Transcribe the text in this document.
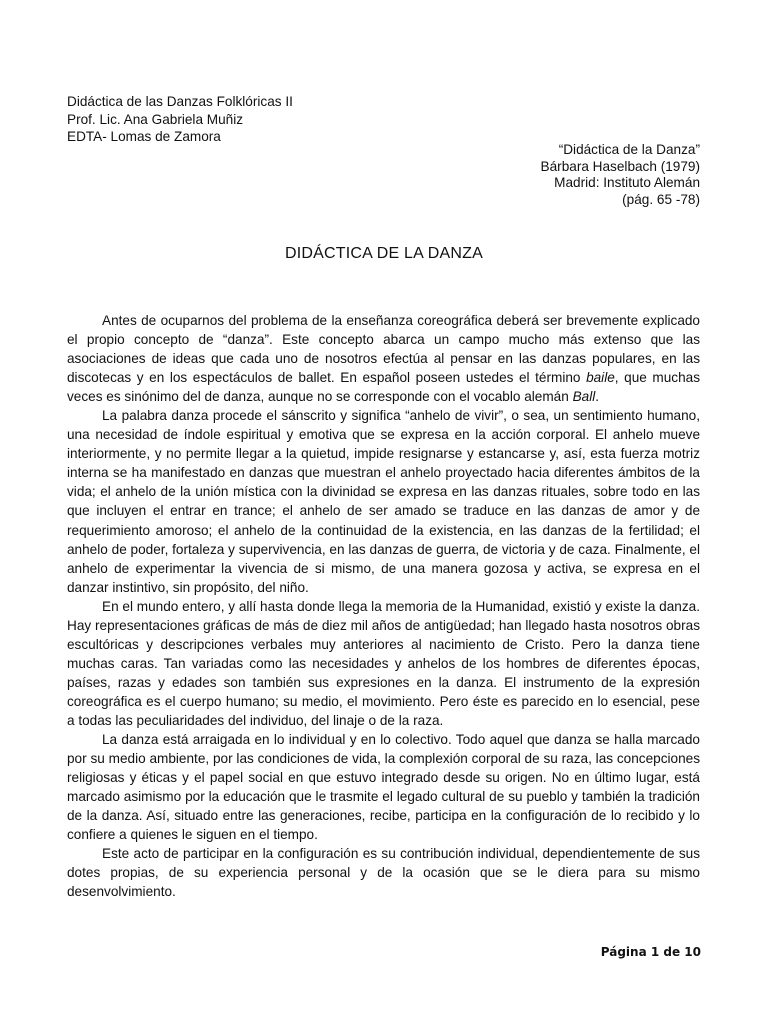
Didáctica de las Danzas Folklóricas II
Prof. Lic. Ana Gabriela Muñiz
EDTA- Lomas de Zamora
“Didáctica de la Danza”
Bárbara Haselbach (1979)
Madrid: Instituto Alemán
(pág. 65 -78)
DIDÁCTICA DE LA DANZA

Antes de ocuparnos del problema de la enseñanza coreográfica deberá ser brevemente explicado el propio concepto de “danza”. Este concepto abarca un campo mucho más extenso que las asociaciones de ideas que cada uno de nosotros efectúa al pensar en las danzas populares, en las discotecas y en los espectáculos de ballet. En español poseen ustedes el término baile, que muchas veces es sinónimo del de danza, aunque no se corresponde con el vocablo alemán Ball.

La palabra danza procede el sánscrito y significa “anhelo de vivir”, o sea, un sentimiento humano, una necesidad de índole espiritual y emotiva que se expresa en la acción corporal. El anhelo mueve interiormente, y no permite llegar a la quietud, impide resignarse y estancarse y, así, esta fuerza motriz interna se ha manifestado en danzas que muestran el anhelo proyectado hacia diferentes ámbitos de la vida; el anhelo de la unión mística con la divinidad se expresa en las danzas rituales, sobre todo en las que incluyen el entrar en trance; el anhelo de ser amado se traduce en las danzas de amor y de requerimiento amoroso; el anhelo de la continuidad de la existencia, en las danzas de la fertilidad; el anhelo de poder, fortaleza y supervivencia, en las danzas de guerra, de victoria y de caza. Finalmente, el anhelo de experimentar la vivencia de si mismo, de una manera gozosa y activa, se expresa en el danzar instintivo, sin propósito, del niño.

En el mundo entero, y allí hasta donde llega la memoria de la Humanidad, existió y existe la danza. Hay representaciones gráficas de más de diez mil años de antigüedad; han llegado hasta nosotros obras escultóricas y descripciones verbales muy anteriores al nacimiento de Cristo. Pero la danza tiene muchas caras. Tan variadas como las necesidades y anhelos de los hombres de diferentes épocas, países, razas y edades son también sus expresiones en la danza. El instrumento de la expresión coreográfica es el cuerpo humano; su medio, el movimiento. Pero éste es parecido en lo esencial, pese a todas las peculiaridades del individuo, del linaje o de la raza.

La danza está arraigada en lo individual y en lo colectivo. Todo aquel que danza se halla marcado por su medio ambiente, por las condiciones de vida, la complexión corporal de su raza, las concepciones religiosas y éticas y el papel social en que estuvo integrado desde su origen. No en último lugar, está marcado asimismo por la educación que le trasmite el legado cultural de su pueblo y también la tradición de la danza. Así, situado entre las generaciones, recibe, participa en la configuración de lo recibido y lo confiere a quienes le siguen en el tiempo.

Este acto de participar en la configuración es su contribución individual, dependientemente de sus dotes propias, de su experiencia personal y de la ocasión que se le diera para su mismo desenvolvimiento.

Página 1 de 10
